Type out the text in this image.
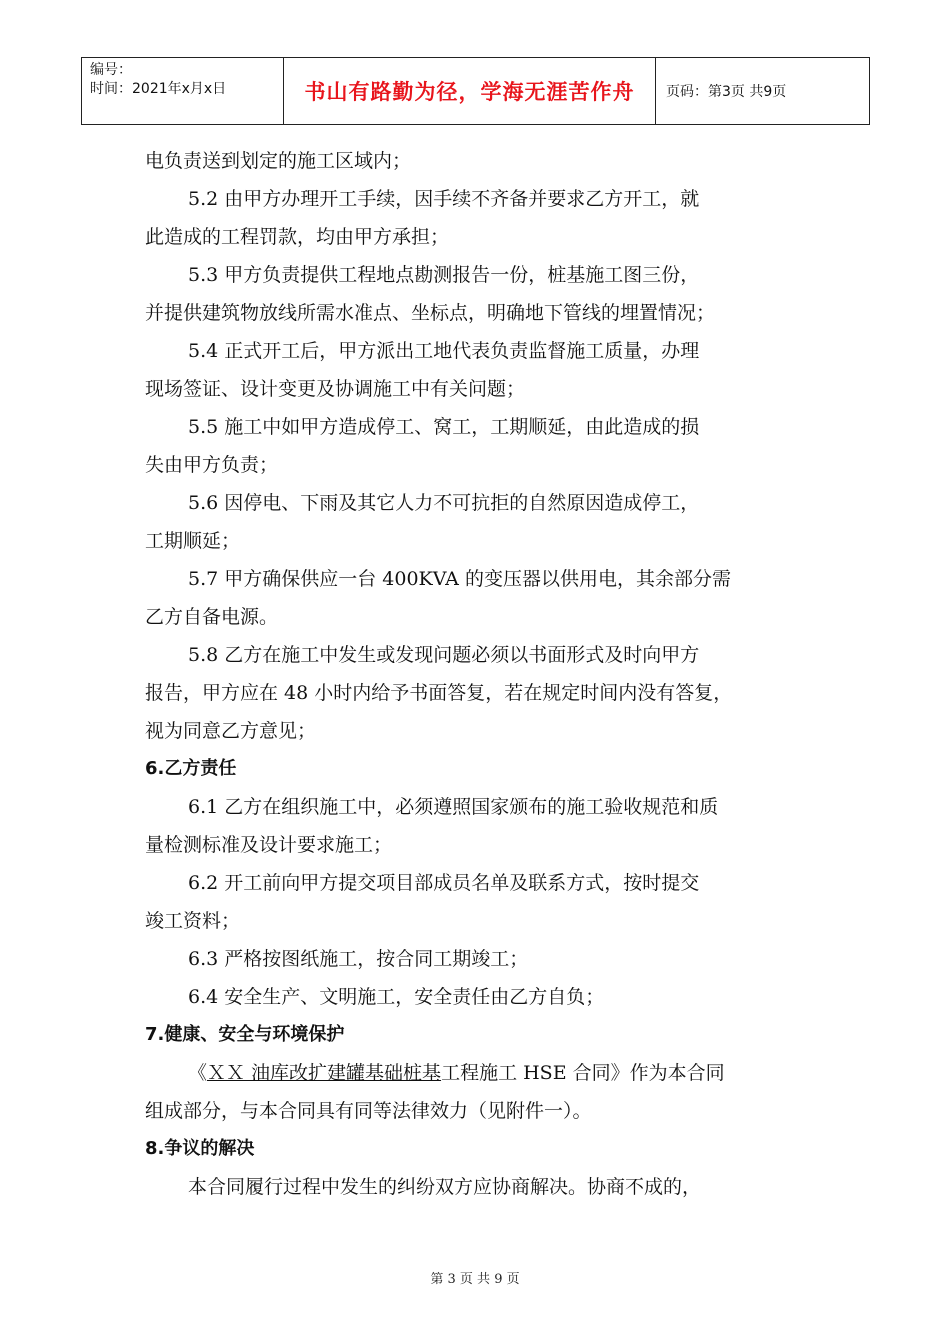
编号：
时间：2021年x月x日	书山有路勤为径，学海无涯苦作舟	页码：第3页 共9页
电负责送到划定的施工区域内；
5.2 由甲方办理开工手续，因手续不齐备并要求乙方开工，就
此造成的工程罚款，均由甲方承担；
5.3 甲方负责提供工程地点勘测报告一份，桩基施工图三份，
并提供建筑物放线所需水准点、坐标点，明确地下管线的埋置情况；
5.4 正式开工后，甲方派出工地代表负责监督施工质量，办理
现场签证、设计变更及协调施工中有关问题；
5.5 施工中如甲方造成停工、窝工，工期顺延，由此造成的损
失由甲方负责；
5.6 因停电、下雨及其它人力不可抗拒的自然原因造成停工，
工期顺延；
5.7 甲方确保供应一台 400KVA 的变压器以供用电，其余部分需
乙方自备电源。
5.8 乙方在施工中发生或发现问题必须以书面形式及时向甲方
报告，甲方应在 48 小时内给予书面答复，若在规定时间内没有答复，
视为同意乙方意见；
6.乙方责任
6.1 乙方在组织施工中，必须遵照国家颁布的施工验收规范和质
量检测标准及设计要求施工；
6.2 开工前向甲方提交项目部成员名单及联系方式，按时提交
竣工资料；
6.3 严格按图纸施工，按合同工期竣工；
6.4 安全生产、文明施工，安全责任由乙方自负；
7.健康、安全与环境保护
《ＸＸ 油库改扩建罐基础桩基工程施工 HSE 合同》作为本合同
组成部分，与本合同具有同等法律效力（见附件一）。
8.争议的解决
本合同履行过程中发生的纠纷双方应协商解决。协商不成的，
第 3 页 共 9 页
